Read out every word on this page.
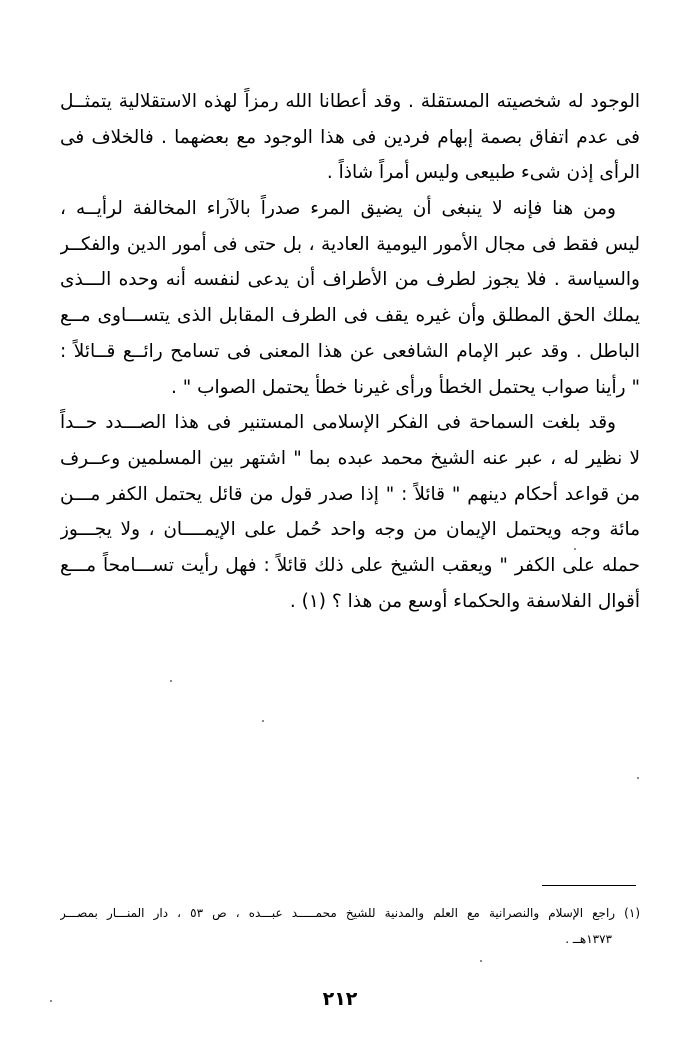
الوجود له شخصيته المستقلة . وقد أعطانا الله رمزاً لهذه الاستقلالية يتمثــل
فى عدم اتفاق بصمة إبهام فردين فى هذا الوجود مع بعضهما . فالخلاف فى
الرأى إذن شىء طبيعى وليس أمراً شاذاً .
ومن هنا فإنه لا ينبغى أن يضيق المرء صدراً بالآراء المخالفة لرأيــه ،
ليس فقط فى مجال الأمور اليومية العادية ، بل حتى فى أمور الدين والفكــر
والسياسة . فلا يجوز لطرف من الأطراف أن يدعى لنفسه أنه وحده الـــذى
يملك الحق المطلق وأن غيره يقف فى الطرف المقابل الذى يتســـاوى مــع
الباطل . وقد عبر الإمام الشافعى عن هذا المعنى فى تسامح رائــع قــائلاً :
" رأينا صواب يحتمل الخطأ ورأى غيرنا خطأ يحتمل الصواب " .
وقد بلغت السماحة فى الفكر الإسلامى المستنير فى هذا الصـــدد حــداً
لا نظير له ، عبر عنه الشيخ محمد عبده بما " اشتهر بين المسلمين وعــرف
من قواعد أحكام دينهم " قائلاً : " إذا صدر قول من قائل يحتمل الكفر مـــن
مائة وجه ويحتمل الإيمان من وجه واحد حُمل على الإيمــــان ، ولا يجـــوز
حمله على الكفر " ويعقب الشيخ على ذلك قائلاً : فهل رأيت تســـامحاً مـــع
أقوال الفلاسفة والحكماء أوسع من هذا ؟ (١) .
(١) راجع الإسلام والنصرانية مع العلم والمدنية للشيخ محمـــــد عبـــده ، ص ٥٣ ، دار المنـــار بمصـــر
١٣٧٣هــ .
٢١٢
